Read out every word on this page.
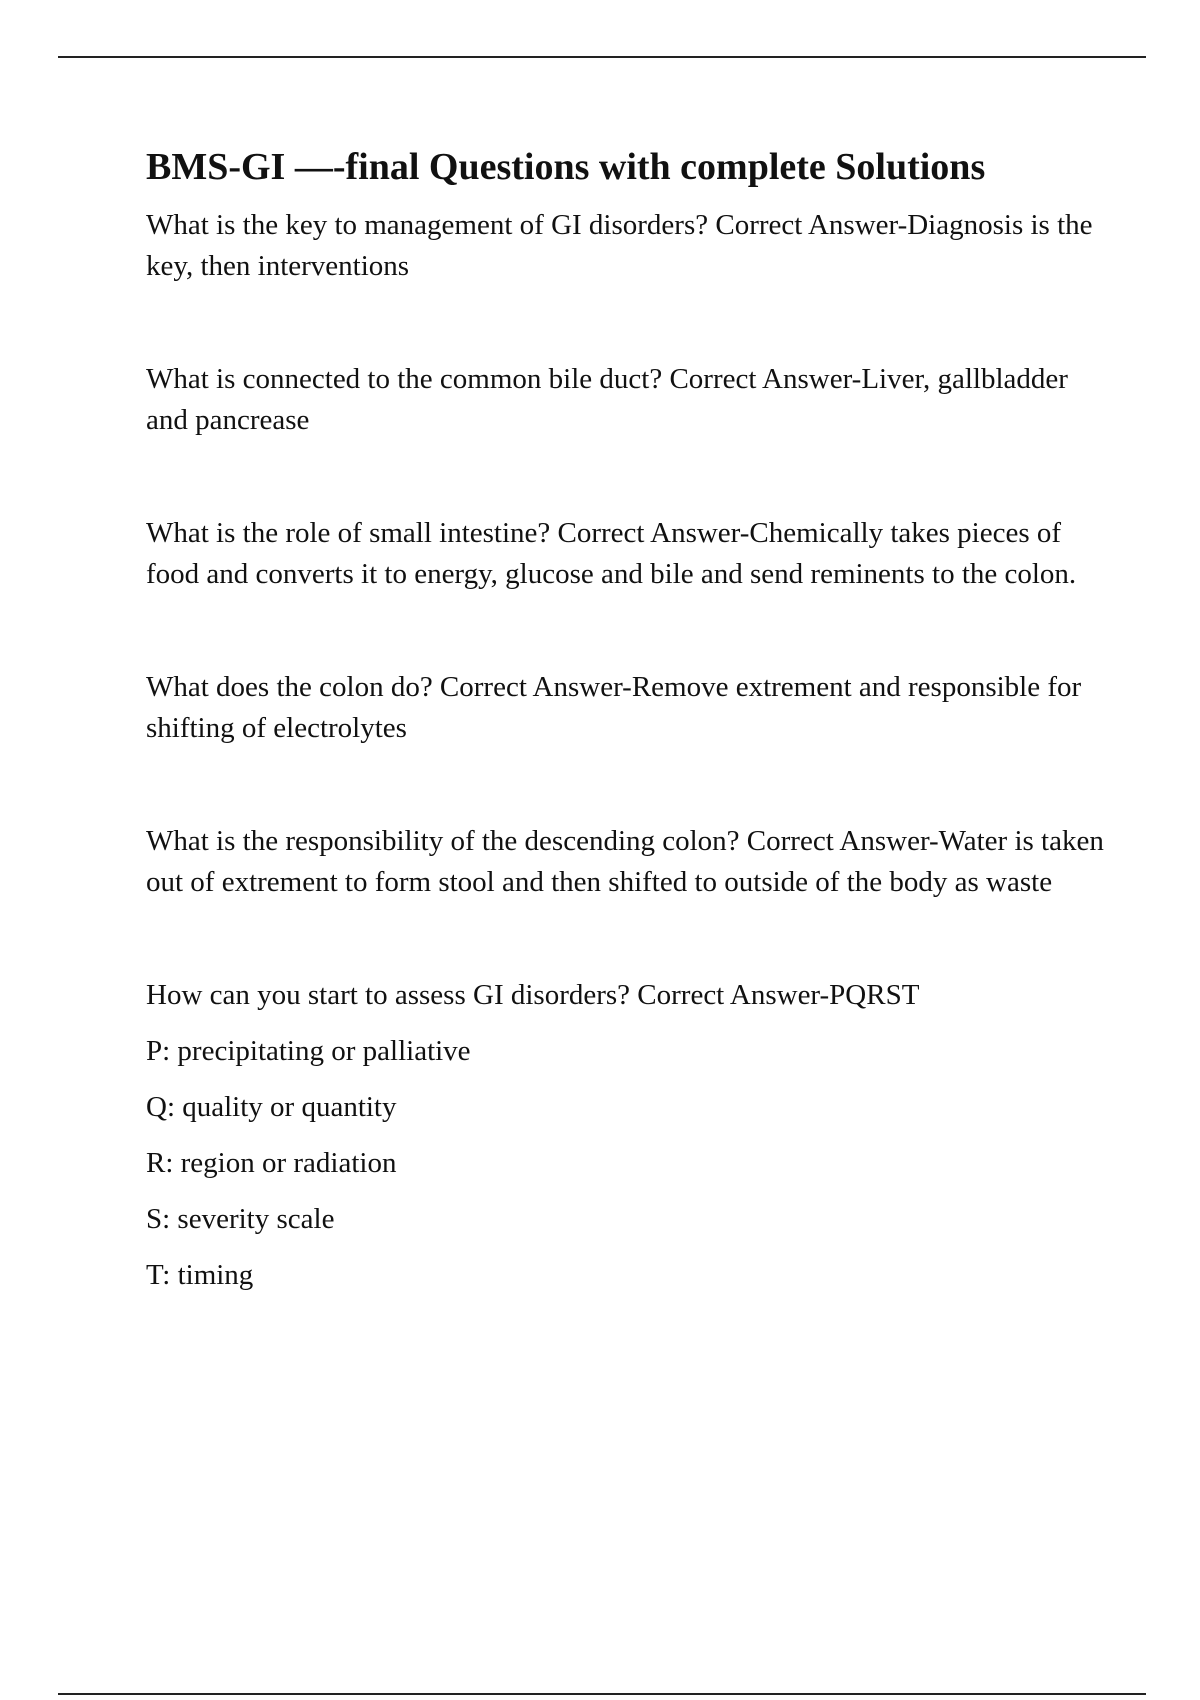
BMS-GI —-final Questions with complete Solutions

What is the key to management of GI disorders? Correct Answer-Diagnosis is the key, then interventions

What is connected to the common bile duct? Correct Answer-Liver, gallbladder and pancrease

What is the role of small intestine? Correct Answer-Chemically takes pieces of food and converts it to energy, glucose and bile and send reminents to the colon.

What does the colon do? Correct Answer-Remove extrement and responsible for shifting of electrolytes

What is the responsibility of the descending colon? Correct Answer-Water is taken out of extrement to form stool and then shifted to outside of the body as waste

How can you start to assess GI disorders? Correct Answer-PQRST

P: precipitating or palliative
Q: quality or quantity
R: region or radiation
S: severity scale
T: timing
